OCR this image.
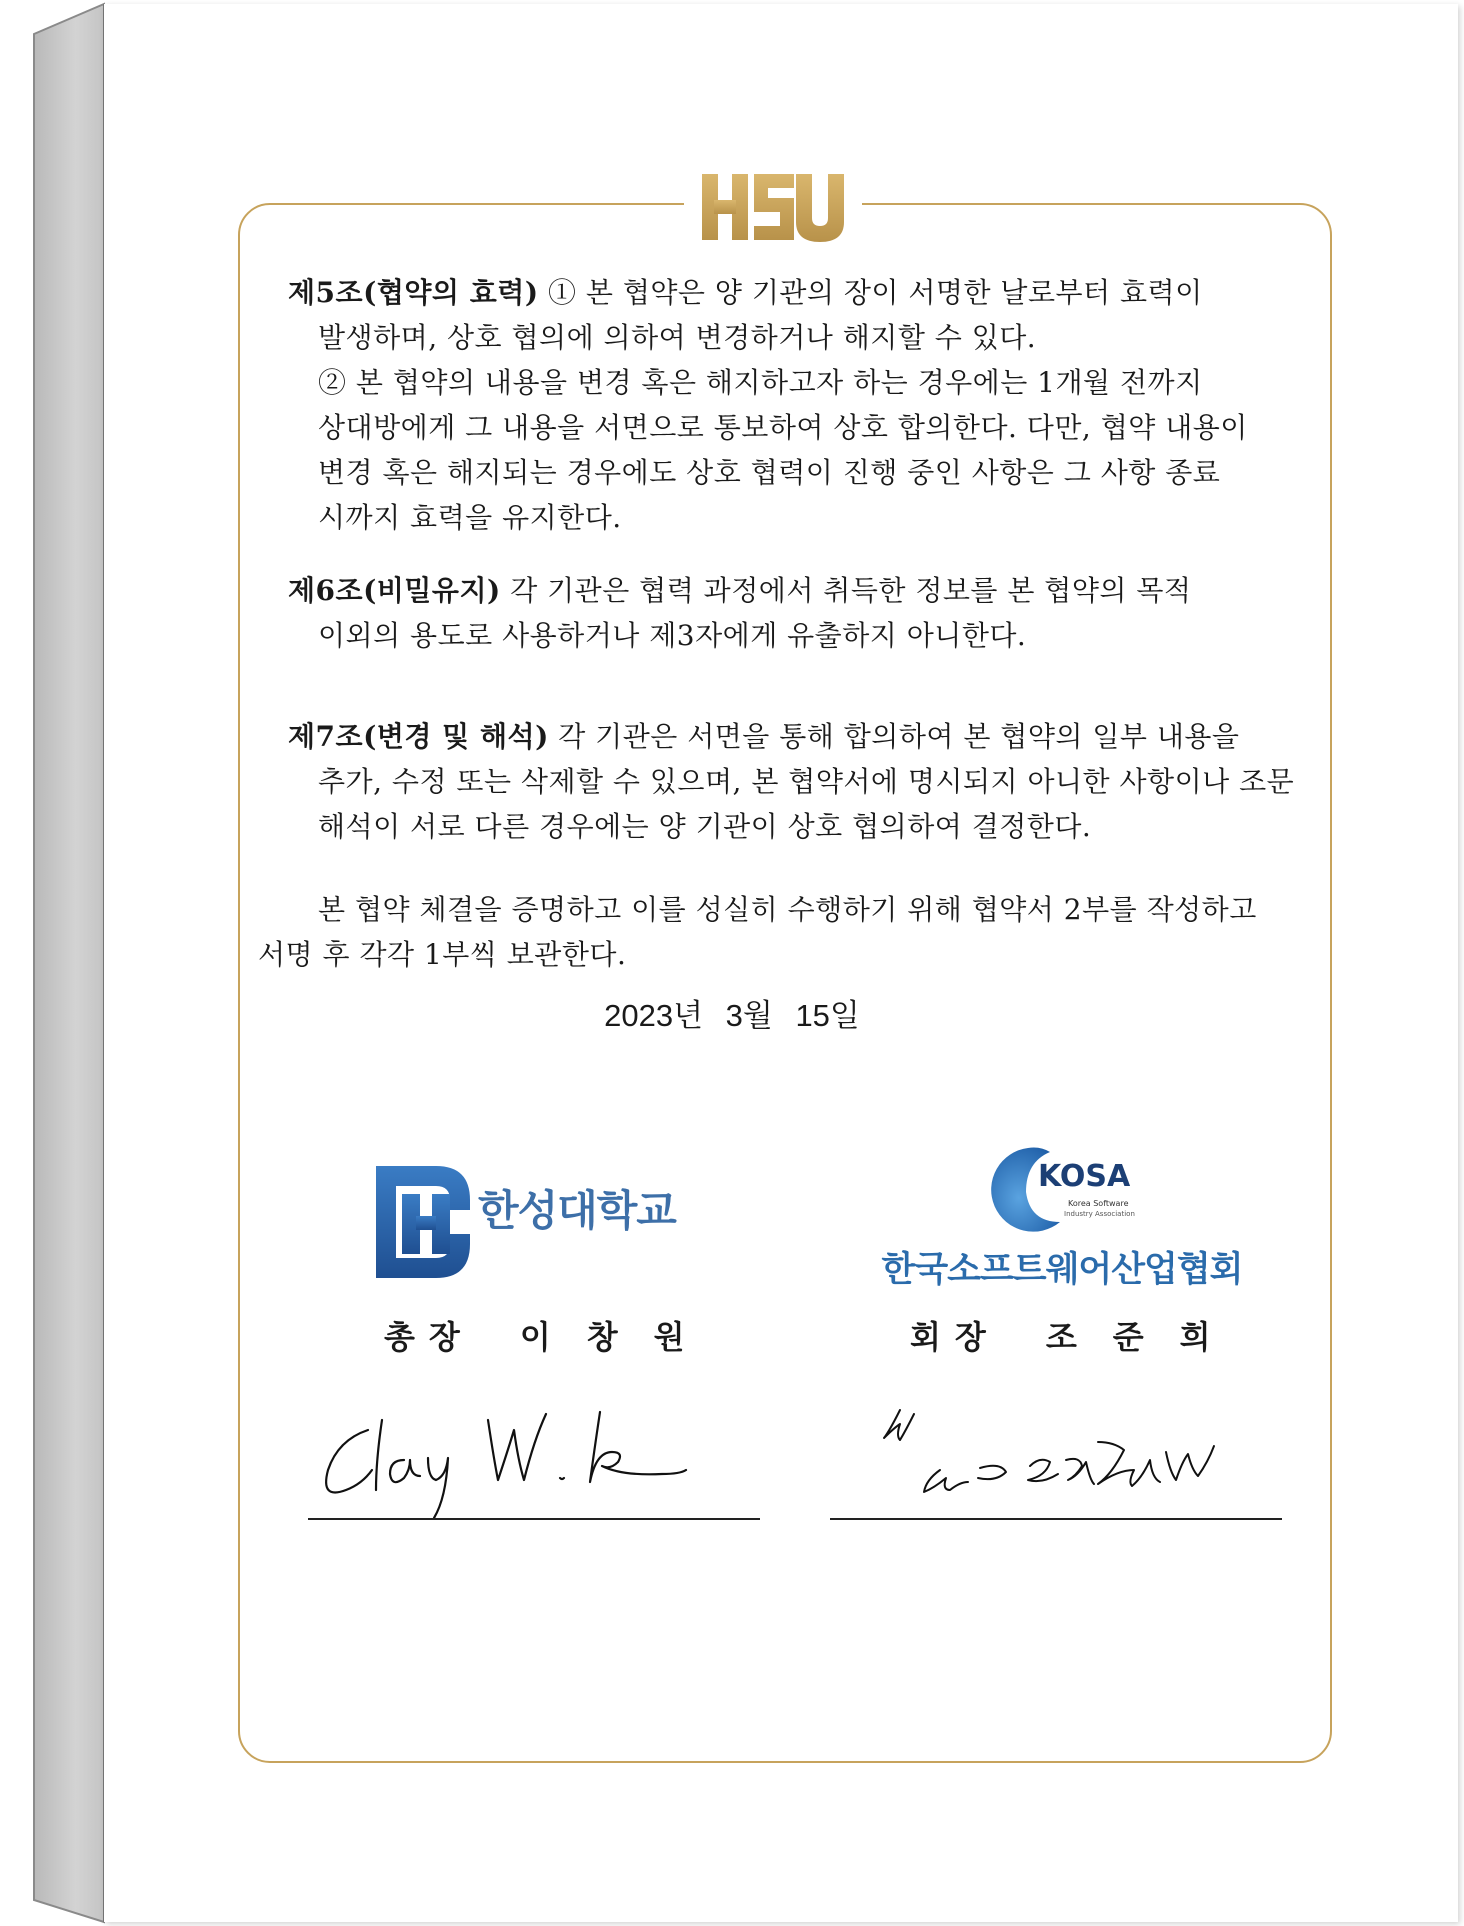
제5조(협약의 효력) ① 본 협약은 양 기관의 장이 서명한 날로부터 효력이
발생하며, 상호 협의에 의하여 변경하거나 해지할 수 있다.
② 본 협약의 내용을 변경 혹은 해지하고자 하는 경우에는 1개월 전까지
상대방에게 그 내용을 서면으로 통보하여 상호 합의한다. 다만, 협약 내용이
변경 혹은 해지되는 경우에도 상호 협력이 진행 중인 사항은 그 사항 종료
시까지 효력을 유지한다.

제6조(비밀유지) 각 기관은 협력 과정에서 취득한 정보를 본 협약의 목적
이외의 용도로 사용하거나 제3자에게 유출하지 아니한다.

제7조(변경 및 해석) 각 기관은 서면을 통해 합의하여 본 협약의 일부 내용을
추가, 수정 또는 삭제할 수 있으며, 본 협약서에 명시되지 아니한 사항이나 조문
해석이 서로 다른 경우에는 양 기관이 상호 협의하여 결정한다.

본 협약 체결을 증명하고 이를 성실히 수행하기 위해 협약서 2부를 작성하고
서명 후 각각 1부씩 보관한다.

2023년 3월 15일
한성대학교
총장 이창원
KOSA
Korea Software
Industry Association
한국소프트웨어산업협회
회장 조준희
